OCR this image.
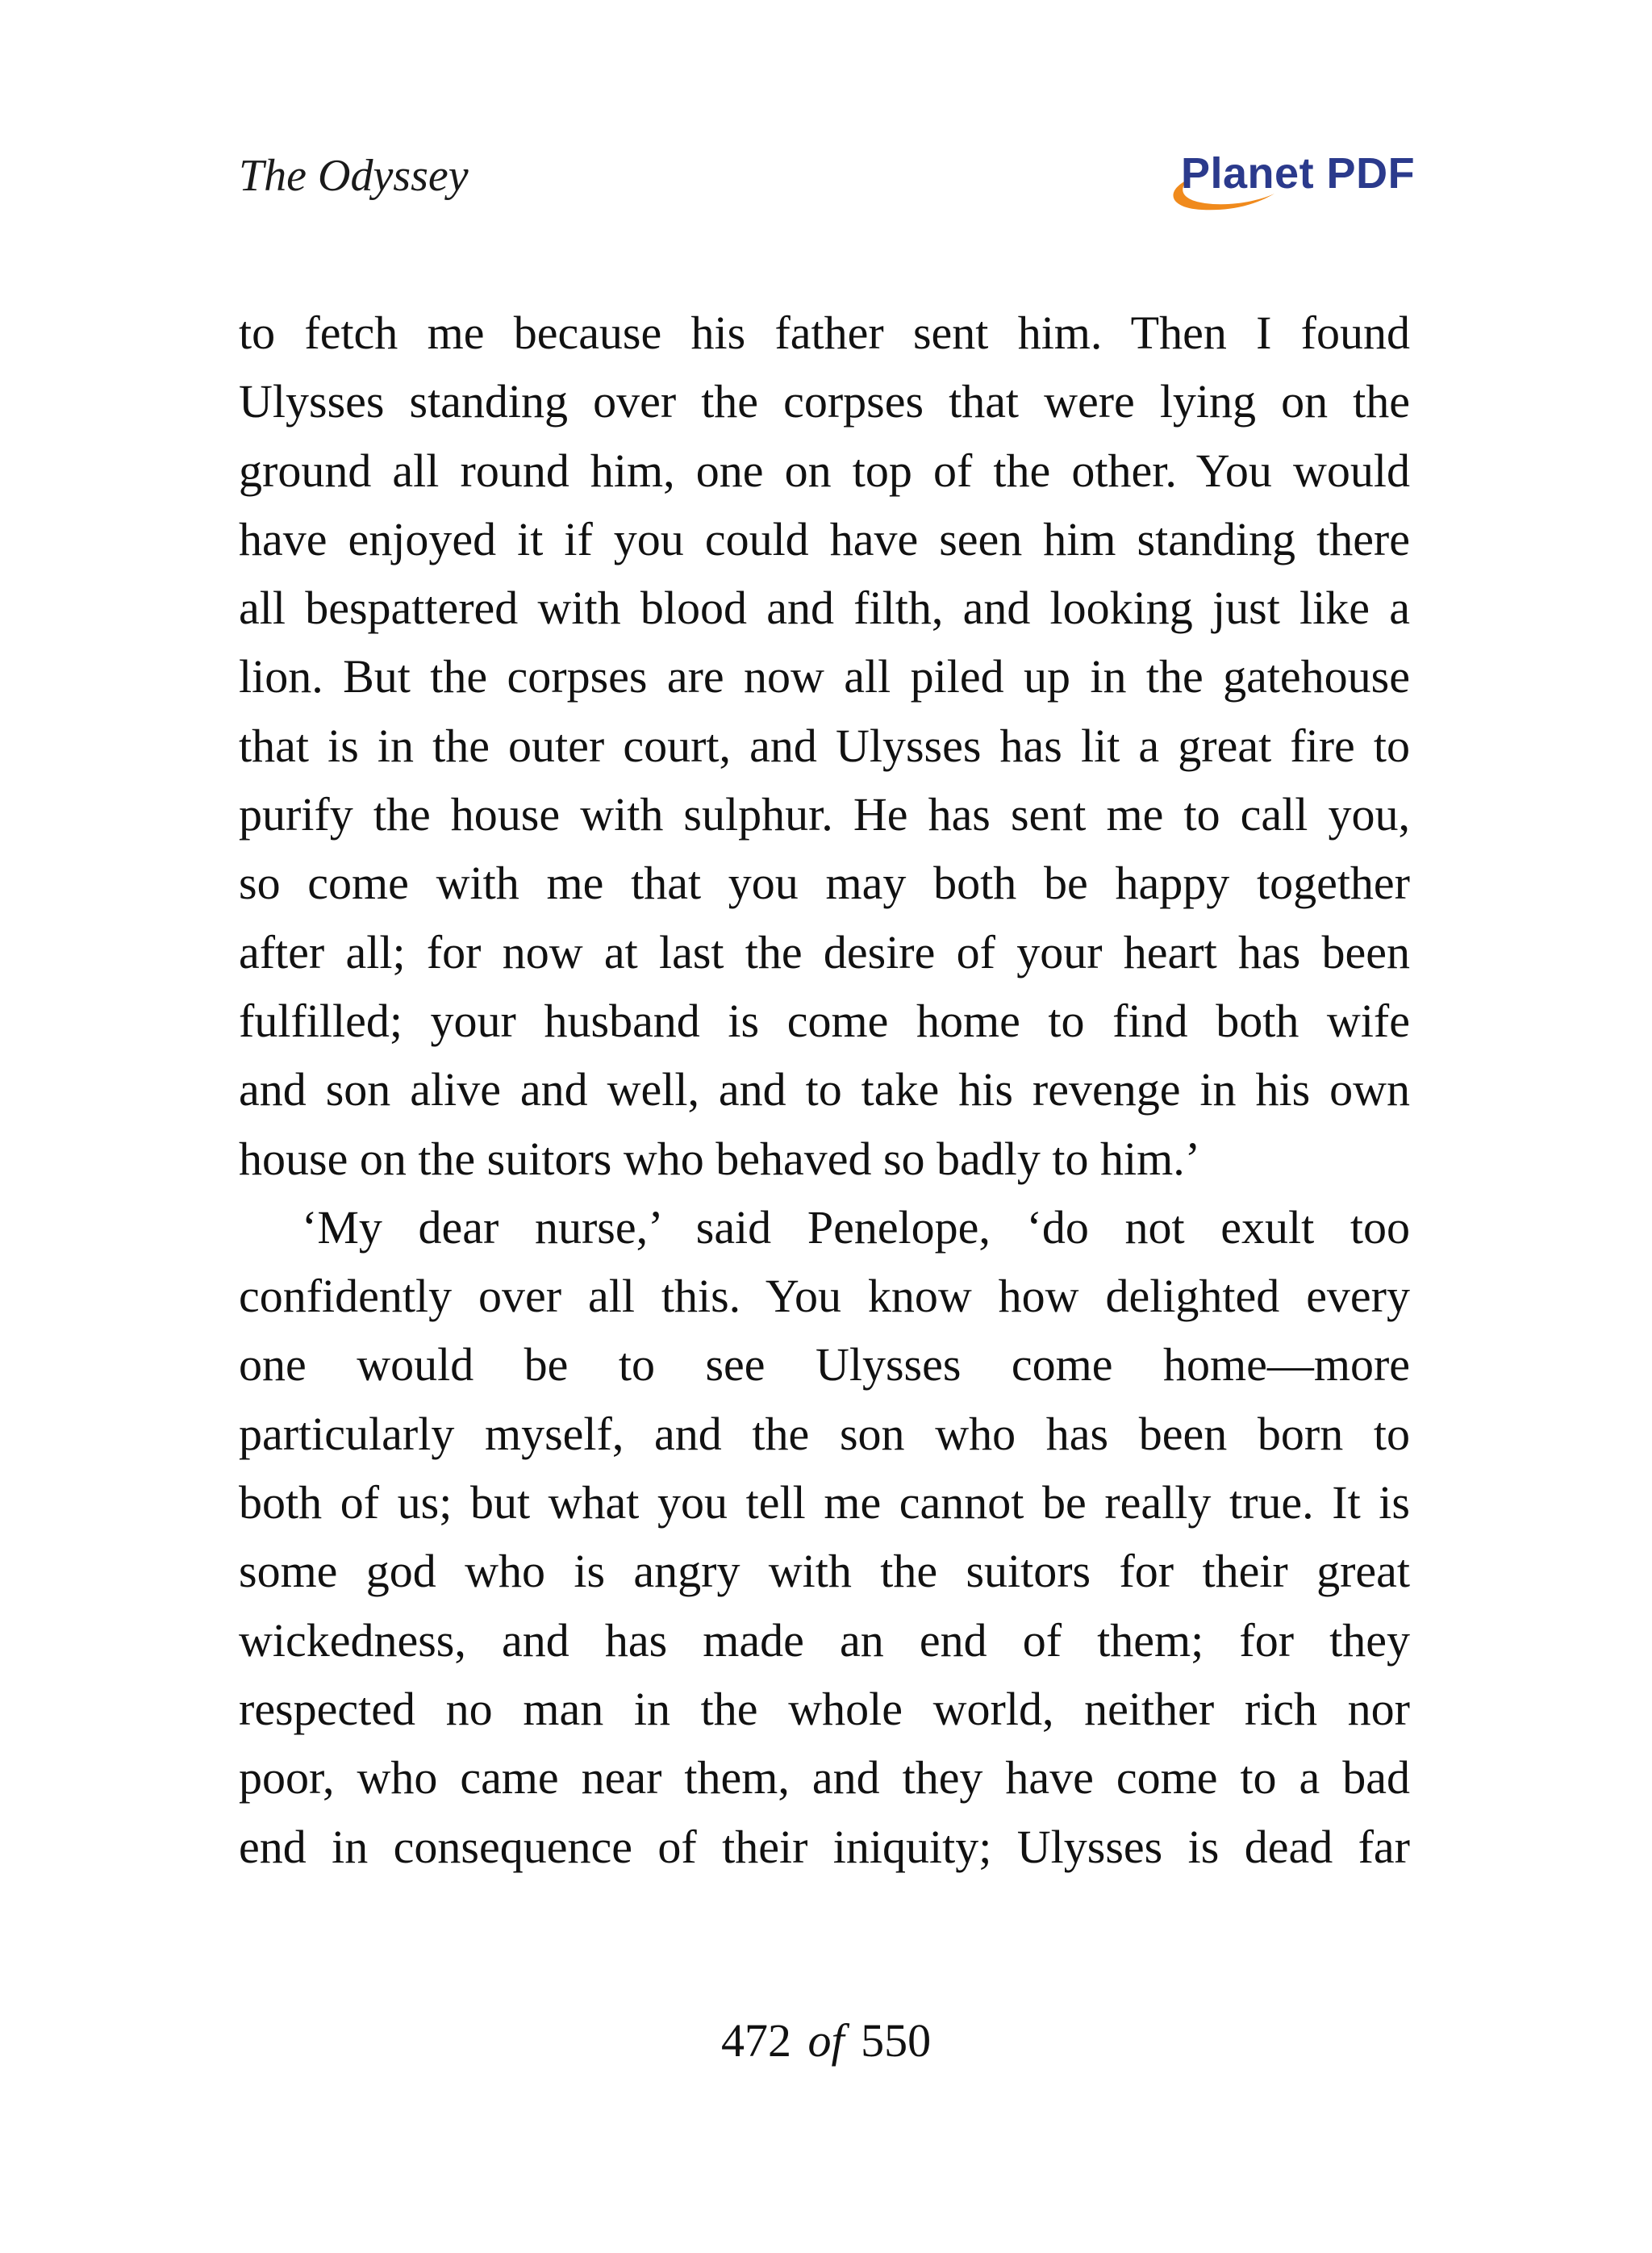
The Odyssey	Planet PDF
to fetch me because his father sent him. Then I found
Ulysses standing over the corpses that were lying on the
ground all round him, one on top of the other. You would
have enjoyed it if you could have seen him standing there
all bespattered with blood and filth, and looking just like a
lion. But the corpses are now all piled up in the gatehouse
that is in the outer court, and Ulysses has lit a great fire to
purify the house with sulphur. He has sent me to call you,
so come with me that you may both be happy together
after all; for now at last the desire of your heart has been
fulfilled; your husband is come home to find both wife
and son alive and well, and to take his revenge in his own
house on the suitors who behaved so badly to him.’
‘My dear nurse,’ said Penelope, ‘do not exult too
confidently over all this. You know how delighted every
one would be to see Ulysses come home—more
particularly myself, and the son who has been born to
both of us; but what you tell me cannot be really true. It is
some god who is angry with the suitors for their great
wickedness, and has made an end of them; for they
respected no man in the whole world, neither rich nor
poor, who came near them, and they have come to a bad
end in consequence of their iniquity; Ulysses is dead far
472 of 550
